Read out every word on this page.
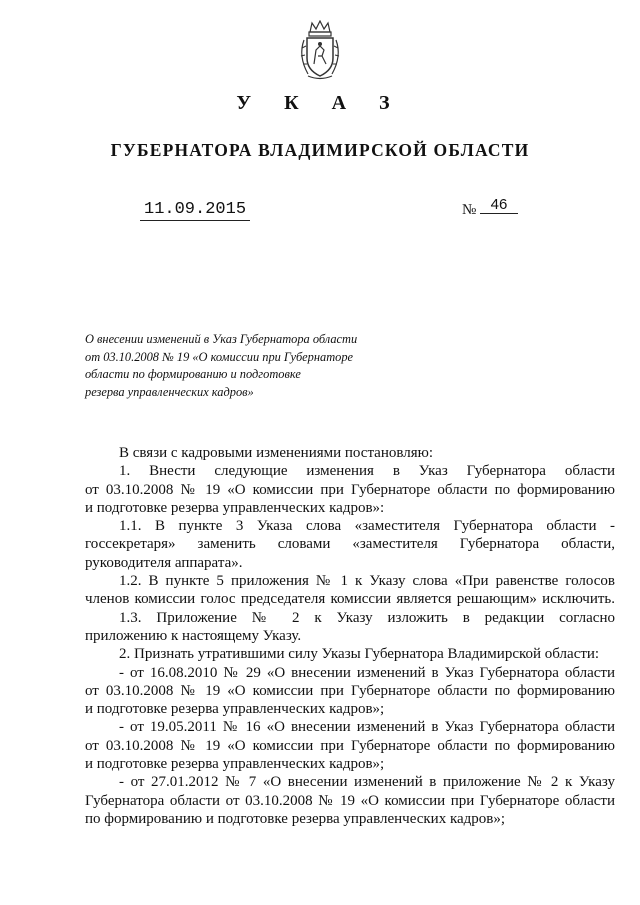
У К А З
ГУБЕРНАТОРА ВЛАДИМИРСКОЙ ОБЛАСТИ
11.09.2015	№ 46
О внесении изменений в Указ Губернатора области
от 03.10.2008 № 19 «О комиссии при Губернаторе
области по формированию и подготовке
резерва управленческих кадров»
В связи с кадровыми изменениями постановляю:
1. Внести следующие изменения в Указ Губернатора области
от 03.10.2008 № 19 «О комиссии при Губернаторе области по формированию
и подготовке резерва управленческих кадров»:
1.1. В пункте 3 Указа слова «заместителя Губернатора области -
госсекретаря» заменить словами «заместителя Губернатора области,
руководителя аппарата».
1.2. В пункте 5 приложения № 1 к Указу слова «При равенстве голосов
членов комиссии голос председателя комиссии является решающим» исключить.
1.3. Приложение № 2 к Указу изложить в редакции согласно
приложению к настоящему Указу.
2. Признать утратившими силу Указы Губернатора Владимирской области:
- от 16.08.2010 № 29 «О внесении изменений в Указ Губернатора области
от 03.10.2008 № 19 «О комиссии при Губернаторе области по формированию
и подготовке резерва управленческих кадров»;
- от 19.05.2011 № 16 «О внесении изменений в Указ Губернатора области
от 03.10.2008 № 19 «О комиссии при Губернаторе области по формированию
и подготовке резерва управленческих кадров»;
- от 27.01.2012 № 7 «О внесении изменений в приложение № 2 к Указу
Губернатора области от 03.10.2008 № 19 «О комиссии при Губернаторе области
по формированию и подготовке резерва управленческих кадров»;
